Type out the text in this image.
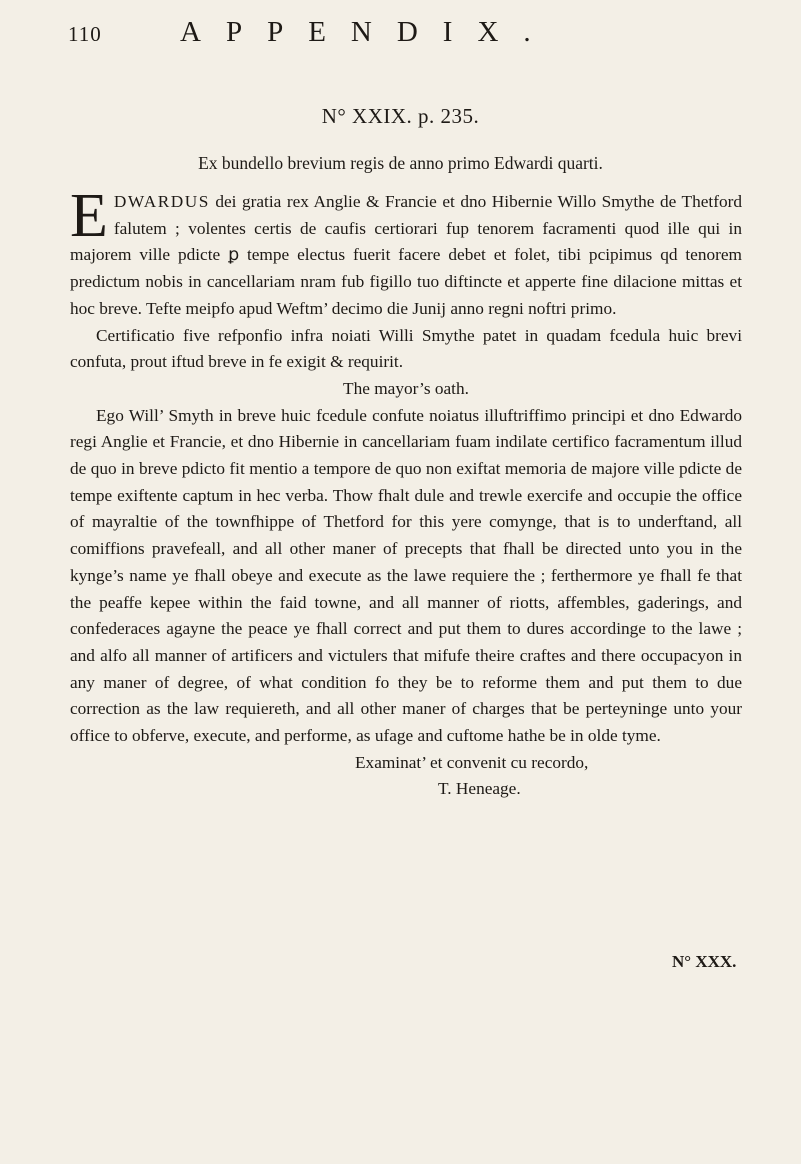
110	APPENDIX.
N° XXIX. p. 235.
Ex bundello brevium regis de anno primo Edwardi quarti.

EDWARDUS dei gratia rex Anglie & Francie et dno Hibernie Willo Smythe de Thetford falutem ; volentes certis de caufis certiorari fup tenorem facramenti quod ille qui in majorem ville pdicte ꝑ tempe electus fuerit facere debet et folet, tibi pcipimus qd tenorem predictum nobis in cancellariam nram fub figillo tuo diftincte et apperte fine dilacione mittas et hoc breve. Tefte meipfo apud Weftm’ decimo die Junij anno regni noftri primo.

Certificatio five refponfio infra noiati Willi Smythe patet in quadam fcedula huic brevi confuta, prout iftud breve in fe exigit & requirit.

The mayor’s oath.

Ego Will’ Smyth in breve huic fcedule confute noiatus illuftriffimo principi et dno Edwardo regi Anglie et Francie, et dno Hibernie in cancellariam fuam indilate certifico facramentum illud de quo in breve pdicto fit mentio a tempore de quo non exiftat memoria de majore ville pdicte de tempe exiftente captum in hec verba. Thow fhalt dule and trewle exercife and occupie the office of mayraltie of the townfhippe of Thetford for this yere comynge, that is to underftand, all comiffions pravefeall, and all other maner of precepts that fhall be directed unto you in the kynge’s name ye fhall obeye and execute as the lawe requiere the ; ferthermore ye fhall fe that the peaffe kepee within the faid towne, and all manner of riotts, affembles, gaderings, and confederaces agayne the peace ye fhall correct and put them to dures accordinge to the lawe ; and alfo all manner of artificers and victulers that mifufe theire craftes and there occupacyon in any maner of degree, of what condition fo they be to reforme them and put them to due correction as the law requiereth, and all other maner of charges that be perteyninge unto your office to obferve, execute, and performe, as ufage and cuftome hathe be in olde tyme.

Examinat’ et convenit cu recordo,

T. Heneage.

N° XXX.
